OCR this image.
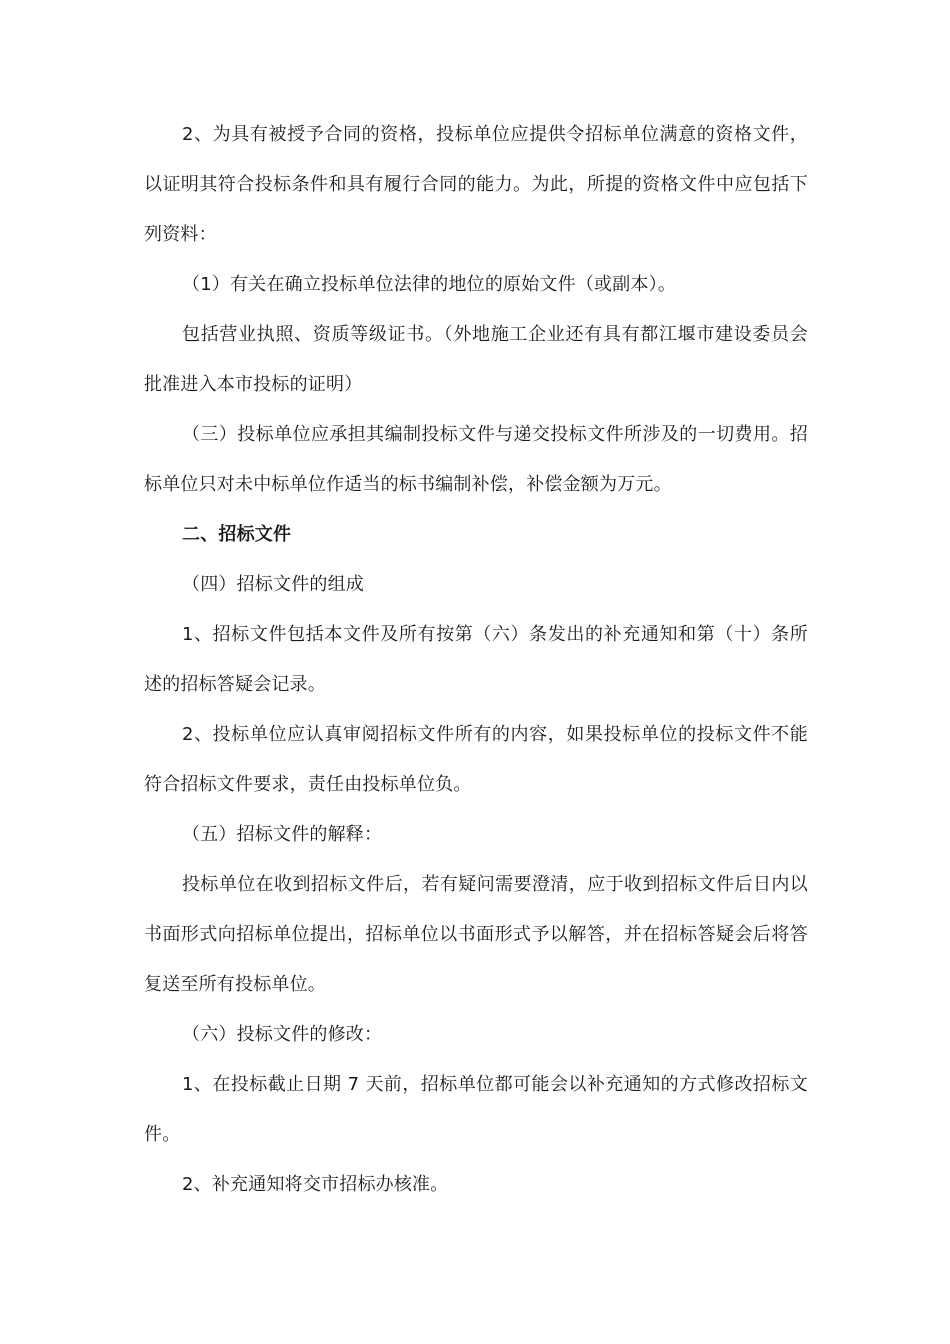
2、为具有被授予合同的资格，投标单位应提供令招标单位满意的资格文件，以证明其符合投标条件和具有履行合同的能力。为此，所提的资格文件中应包括下列资料：

（1）有关在确立投标单位法律的地位的原始文件（或副本）。

包括营业执照、资质等级证书。（外地施工企业还有具有都江堰市建设委员会批准进入本市投标的证明）

（三）投标单位应承担其编制投标文件与递交投标文件所涉及的一切费用。招标单位只对未中标单位作适当的标书编制补偿，补偿金额为万元。

二、招标文件

（四）招标文件的组成

1、招标文件包括本文件及所有按第（六）条发出的补充通知和第（十）条所述的招标答疑会记录。

2、投标单位应认真审阅招标文件所有的内容，如果投标单位的投标文件不能符合招标文件要求，责任由投标单位负。

（五）招标文件的解释：

投标单位在收到招标文件后，若有疑问需要澄清，应于收到招标文件后日内以书面形式向招标单位提出，招标单位以书面形式予以解答，并在招标答疑会后将答复送至所有投标单位。

（六）投标文件的修改：

1、在投标截止日期 7 天前，招标单位都可能会以补充通知的方式修改招标文件。

2、补充通知将交市招标办核准。
